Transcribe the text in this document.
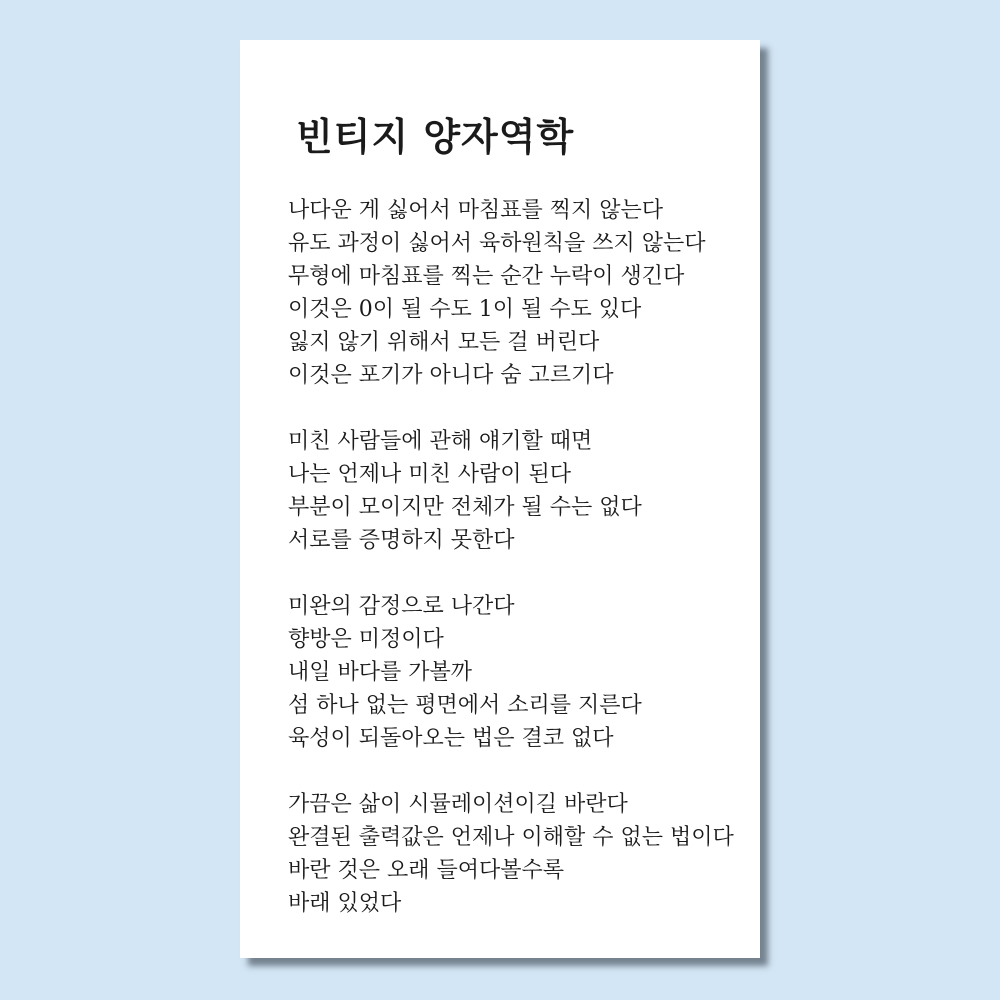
빈티지 양자역학
나다운 게 싫어서 마침표를 찍지 않는다
유도 과정이 싫어서 육하원칙을 쓰지 않는다
무형에 마침표를 찍는 순간 누락이 생긴다
이것은 0이 될 수도 1이 될 수도 있다
잃지 않기 위해서 모든 걸 버린다
이것은 포기가 아니다 숨 고르기다
미친 사람들에 관해 얘기할 때면
나는 언제나 미친 사람이 된다
부분이 모이지만 전체가 될 수는 없다
서로를 증명하지 못한다
미완의 감정으로 나간다
향방은 미정이다
내일 바다를 가볼까
섬 하나 없는 평면에서 소리를 지른다
육성이 되돌아오는 법은 결코 없다
가끔은 삶이 시뮬레이션이길 바란다
완결된 출력값은 언제나 이해할 수 없는 법이다
바란 것은 오래 들여다볼수록
바래 있었다
